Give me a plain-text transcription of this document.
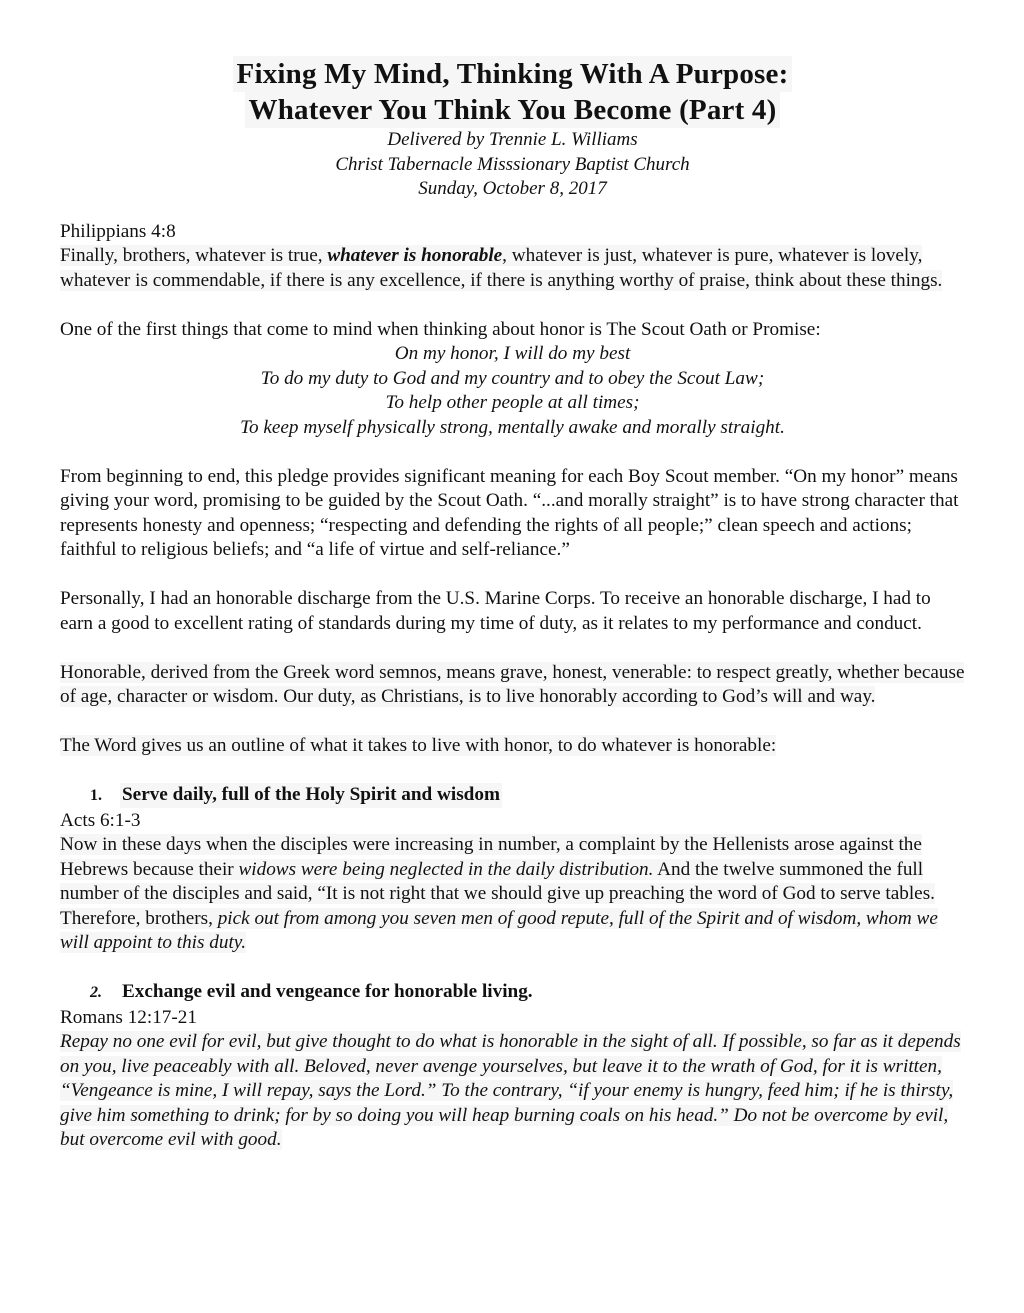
Fixing My Mind, Thinking With A Purpose:
Whatever You Think You Become (Part 4)
Delivered by Trennie L. Williams
Christ Tabernacle Misssionary Baptist Church
Sunday, October 8, 2017
Philippians 4:8
Finally, brothers, whatever is true, whatever is honorable, whatever is just, whatever is pure, whatever is lovely, whatever is commendable, if there is any excellence, if there is anything worthy of praise, think about these things.

One of the first things that come to mind when thinking about honor is The Scout Oath or Promise:

On my honor, I will do my best

To do my duty to God and my country and to obey the Scout Law;

To help other people at all times;

To keep myself physically strong, mentally awake and morally straight.

From beginning to end, this pledge provides significant meaning for each Boy Scout member. “On my honor” means giving your word, promising to be guided by the Scout Oath. “...and morally straight” is to have strong character that represents honesty and openness; “respecting and defending the rights of all people;” clean speech and actions; faithful to religious beliefs; and “a life of virtue and self-reliance.”
Personally, I had an honorable discharge from the U.S. Marine Corps. To receive an honorable discharge, I had to earn a good to excellent rating of standards during my time of duty, as it relates to my performance and conduct.
Honorable, derived from the Greek word semnos, means grave, honest, venerable: to respect greatly, whether because of age, character or wisdom. Our duty, as Christians, is to live honorably according to God’s will and way.
The Word gives us an outline of what it takes to live with honor, to do whatever is honorable:
1.	Serve daily, full of the Holy Spirit and wisdom
Acts 6:1-3
Now in these days when the disciples were increasing in number, a complaint by the Hellenists arose against the Hebrews because their widows were being neglected in the daily distribution. And the twelve summoned the full number of the disciples and said, “It is not right that we should give up preaching the word of God to serve tables. Therefore, brothers, pick out from among you seven men of good repute, full of the Spirit and of wisdom, whom we will appoint to this duty.
2.	Exchange evil and vengeance for honorable living.
Romans 12:17-21
Repay no one evil for evil, but give thought to do what is honorable in the sight of all. If possible, so far as it depends on you, live peaceably with all. Beloved, never avenge yourselves, but leave it to the wrath of God, for it is written, “Vengeance is mine, I will repay, says the Lord.” To the contrary, “if your enemy is hungry, feed him; if he is thirsty, give him something to drink; for by so doing you will heap burning coals on his head.” Do not be overcome by evil, but overcome evil with good.
